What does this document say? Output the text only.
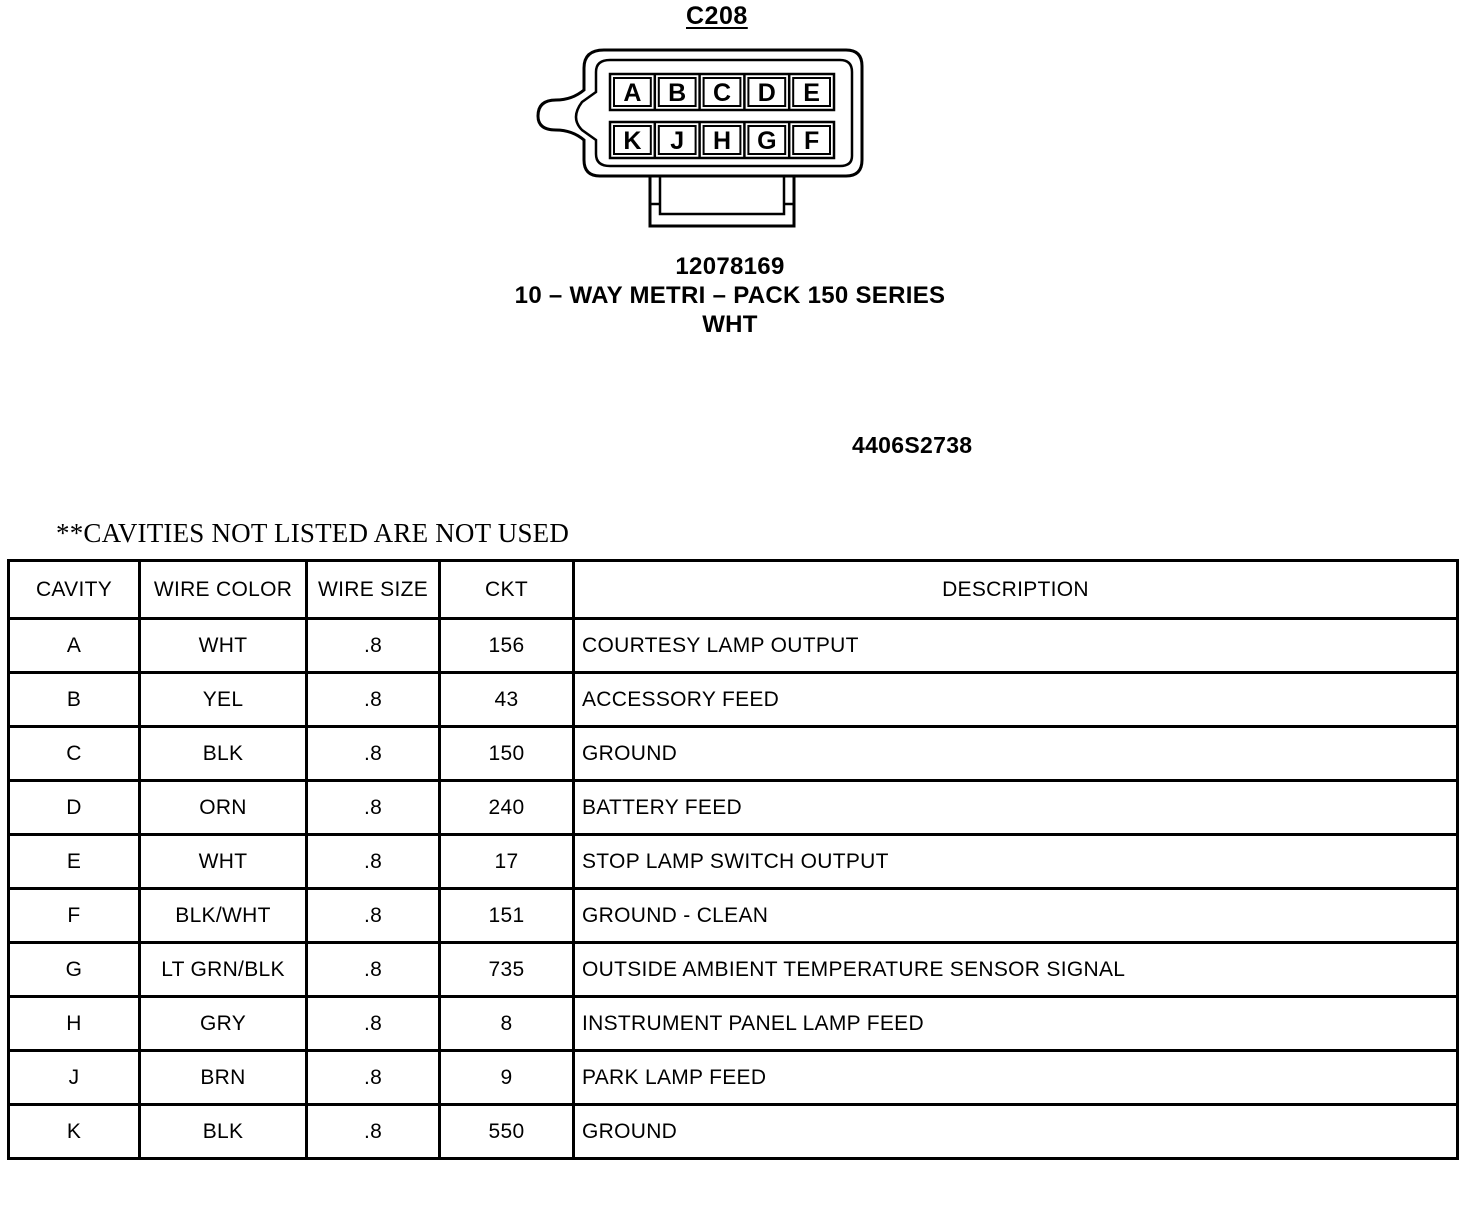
C208
A B C D E
K J H G F
12078169
10 – WAY METRI – PACK 150 SERIES
WHT
4406S2738
**CAVITIES NOT LISTED ARE NOT USED
CAVITY	WIRE COLOR	WIRE SIZE	CKT	DESCRIPTION
A	WHT	.8	156	COURTESY LAMP OUTPUT
B	YEL	.8	43	ACCESSORY FEED
C	BLK	.8	150	GROUND
D	ORN	.8	240	BATTERY FEED
E	WHT	.8	17	STOP LAMP SWITCH OUTPUT
F	BLK/WHT	.8	151	GROUND - CLEAN
G	LT GRN/BLK	.8	735	OUTSIDE AMBIENT TEMPERATURE SENSOR SIGNAL
H	GRY	.8	8	INSTRUMENT PANEL LAMP FEED
J	BRN	.8	9	PARK LAMP FEED
K	BLK	.8	550	GROUND
